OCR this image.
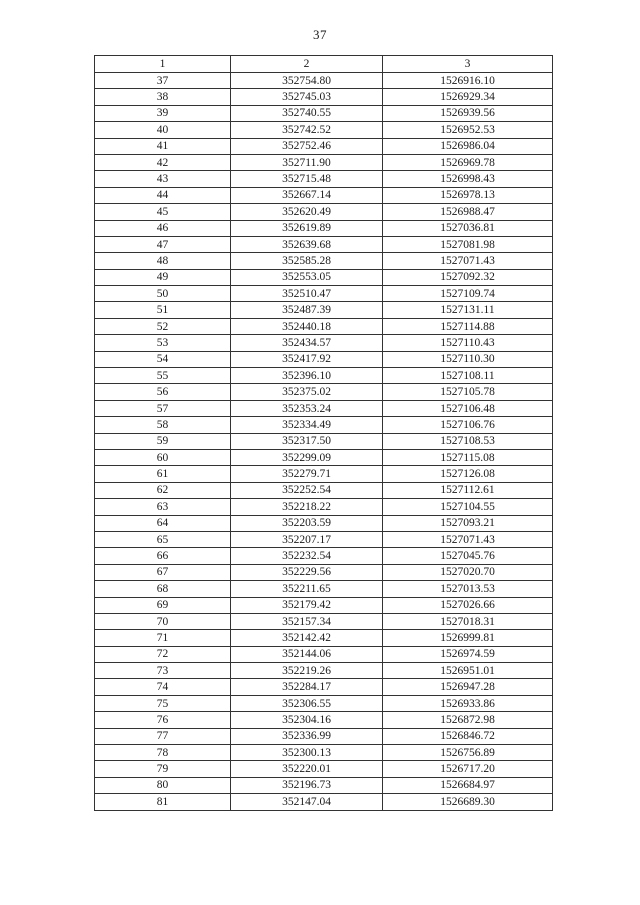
37
1	2	3
37	352754.80	1526916.10
38	352745.03	1526929.34
39	352740.55	1526939.56
40	352742.52	1526952.53
41	352752.46	1526986.04
42	352711.90	1526969.78
43	352715.48	1526998.43
44	352667.14	1526978.13
45	352620.49	1526988.47
46	352619.89	1527036.81
47	352639.68	1527081.98
48	352585.28	1527071.43
49	352553.05	1527092.32
50	352510.47	1527109.74
51	352487.39	1527131.11
52	352440.18	1527114.88
53	352434.57	1527110.43
54	352417.92	1527110.30
55	352396.10	1527108.11
56	352375.02	1527105.78
57	352353.24	1527106.48
58	352334.49	1527106.76
59	352317.50	1527108.53
60	352299.09	1527115.08
61	352279.71	1527126.08
62	352252.54	1527112.61
63	352218.22	1527104.55
64	352203.59	1527093.21
65	352207.17	1527071.43
66	352232.54	1527045.76
67	352229.56	1527020.70
68	352211.65	1527013.53
69	352179.42	1527026.66
70	352157.34	1527018.31
71	352142.42	1526999.81
72	352144.06	1526974.59
73	352219.26	1526951.01
74	352284.17	1526947.28
75	352306.55	1526933.86
76	352304.16	1526872.98
77	352336.99	1526846.72
78	352300.13	1526756.89
79	352220.01	1526717.20
80	352196.73	1526684.97
81	352147.04	1526689.30
